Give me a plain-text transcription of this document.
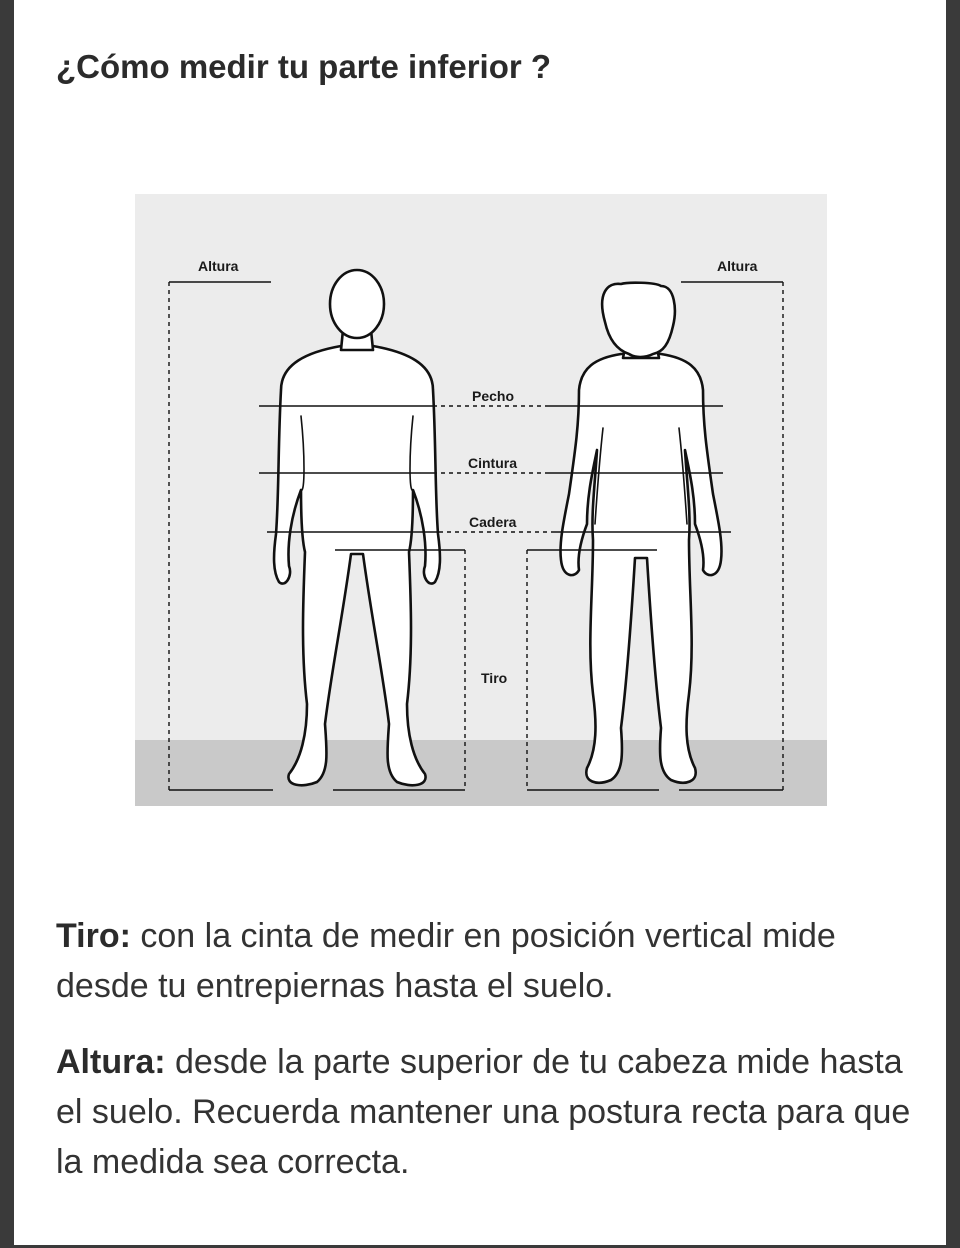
¿Cómo medir tu parte inferior ?
Altura	Altura
Pecho
Cintura
Cadera
Tiro

Tiro: con la cinta de medir en posición vertical mide desde tu entrepiernas hasta el suelo.

Altura: desde la parte superior de tu cabeza mide hasta el suelo. Recuerda mantener una postura recta para que la medida sea correcta.
